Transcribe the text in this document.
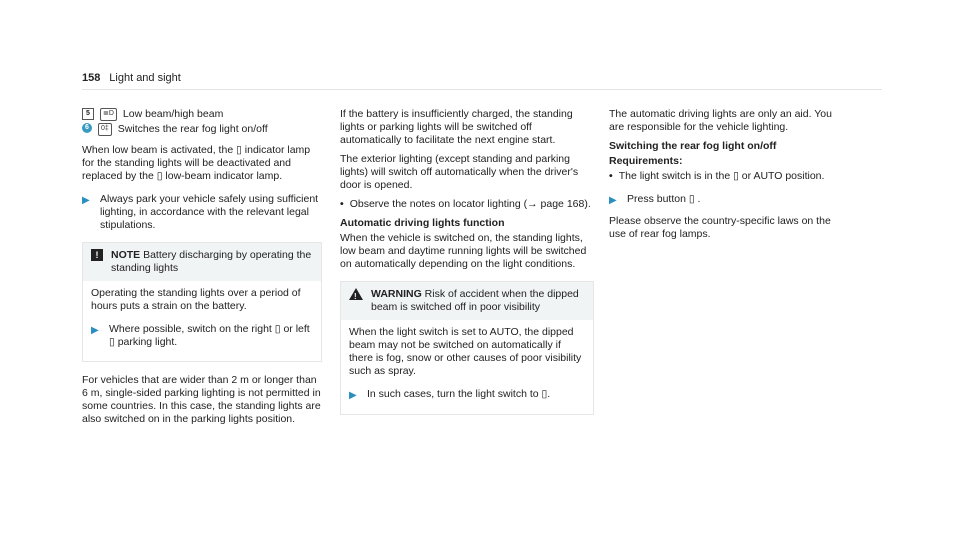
158 Light and sight
5	≣D Low beam/high beam
6	0‡ Switches the rear fog light on/off

When low beam is activated, the ▯ indicator lamp for the standing lights will be deactivated and replaced by the ▯ low-beam indicator lamp.

▶ Always park your vehicle safely using sufficient lighting, in accordance with the relevant legal stipulations.
!	NOTE Battery discharging by operating the standing lights

Operating the standing lights over a period of hours puts a strain on the battery.

▶ Where possible, switch on the right ▯ or left ▯ parking light.

For vehicles that are wider than 2 m or longer than 6 m, single-sided parking lighting is not permitted in some countries. In this case, the standing lights are also switched on in the parking lights position.

If the battery is insufficiently charged, the standing lights or parking lights will be switched off automatically to facilitate the next engine start.

The exterior lighting (except standing and parking lights) will switch off automatically when the driver's door is opened.

• Observe the notes on locator lighting (→ page 168).
Automatic driving lights function

When the vehicle is switched on, the standing lights, low beam and daytime running lights will be switched on automatically depending on the light conditions.

! WARNING Risk of accident when the dipped beam is switched off in poor visibility

When the light switch is set to AUTO, the dipped beam may not be switched on automatically if there is fog, snow or other causes of poor visibility such as spray.

▶ In such cases, turn the light switch to ▯.

The automatic driving lights are only an aid. You are responsible for the vehicle lighting.

Switching the rear fog light on/off
Requirements:
• The light switch is in the ▯ or AUTO position.
▶ Press button ▯ .

Please observe the country-specific laws on the use of rear fog lamps.
